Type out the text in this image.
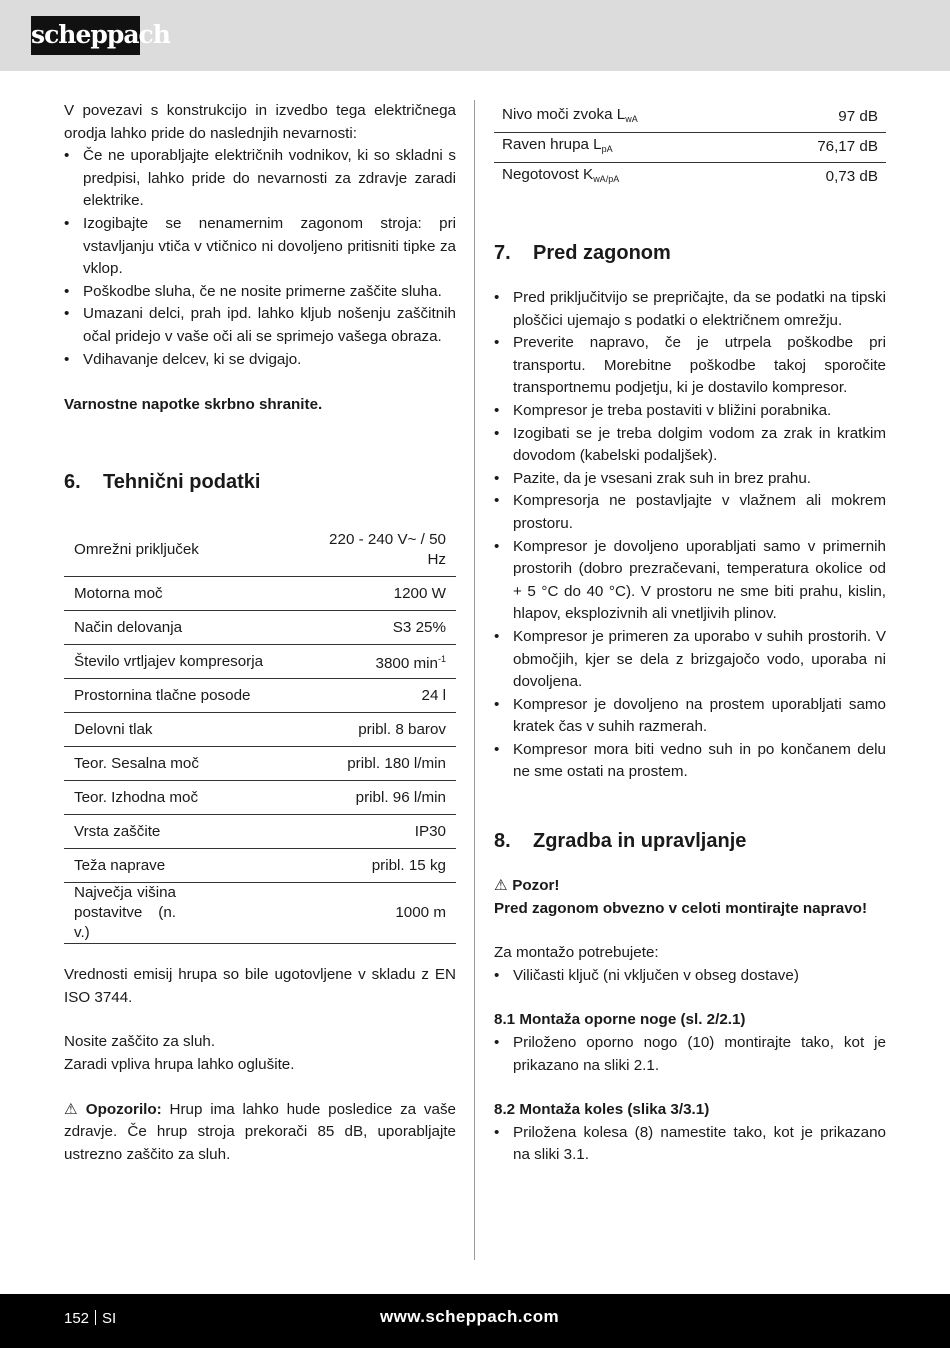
scheppach

V povezavi s konstrukcijo in izvedbo tega električnega orodja lahko pride do naslednjih nevarnosti:

• Če ne uporabljajte električnih vodnikov, ki so skladni s predpisi, lahko pride do nevarnosti za zdravje zaradi elektrike.
• Izogibajte se nenamernim zagonom stroja: pri vstavljanju vtiča v vtičnico ni dovoljeno pritisniti tipke za vklop.
• Poškodbe sluha, če ne nosite primerne zaščite sluha.
• Umazani delci, prah ipd. lahko kljub nošenju zaščitnih očal pridejo v vaše oči ali se sprimejo vašega obraza.
• Vdihavanje delcev, ki se dvigajo.

Varnostne napotke skrbno shranite.

6. Tehnični podatki
Omrežni priključek	220 - 240 V~ / 50 Hz
Motorna moč	1200 W
Način delovanja	S3 25%
Število vrtljajev kompresorja	3800 $\min^{-1}$
Prostornina tlačne posode	24 l
Delovni tlak	pribl. 8 barov
Teor. Sesalna moč	pribl. 180 l/min
Teor. Izhodna moč	pribl. 96 l/min
Vrsta zaščite	IP30
Teža naprave	pribl. 15 kg
Največja višina postavitve (n. v.)	1000 m

Vrednosti emisij hrupa so bile ugotovljene v skladu z EN ISO 3744.

Nosite zaščito za sluh.

Zaradi vpliva hrupa lahko oglušite.

⚠ Opozorilo: Hrup ima lahko hude posledice za vaše zdravje. Če hrup stroja prekorači 85 dB, uporabljajte ustrezno zaščito za sluh.

Nivo moči zvoka $L_{wA}$	97 dB
Raven hrupa $L_{pA}$	76,17 dB
Negotovost $K_{wA/pA}$	0,73 dB
7. Pred zagonom
• Pred priključitvijo se prepričajte, da se podatki na tipski ploščici ujemajo s podatki o električnem omrežju.
• Preverite napravo, če je utrpela poškodbe pri transportu. Morebitne poškodbe takoj sporočite transportnemu podjetju, ki je dostavilo kompresor.
• Kompresor je treba postaviti v bližini porabnika.
• Izogibati se je treba dolgim vodom za zrak in kratkim dovodom (kabelski podaljšek).
• Pazite, da je vsesani zrak suh in brez prahu.
• Kompresorja ne postavljajte v vlažnem ali mokrem prostoru.
• Kompresor je dovoljeno uporabljati samo v primernih prostorih (dobro prezračevani, temperatura okolice od + 5 °C do 40 °C). V prostoru ne sme biti prahu, kislin, hlapov, eksplozivnih ali vnetljivih plinov.
• Kompresor je primeren za uporabo v suhih prostorih. V območjih, kjer se dela z brizgajočo vodo, uporaba ni dovoljena.
• Kompresor je dovoljeno na prostem uporabljati samo kratek čas v suhih razmerah.
• Kompresor mora biti vedno suh in po končanem delu ne sme ostati na prostem.
8. Zgradba in upravljanje

⚠ Pozor!

Pred zagonom obvezno v celoti montirajte napravo!

Za montažo potrebujete:

• Viličasti ključ (ni vključen v obseg dostave)

8.1 Montaža oporne noge (sl. 2/2.1)

• Priloženo oporno nogo (10) montirajte tako, kot je prikazano na sliki 2.1.

8.2 Montaža koles (slika 3/3.1)

• Priložena kolesa (8) namestite tako, kot je prikazano na sliki 3.1.
152 SI	www.scheppach.com
